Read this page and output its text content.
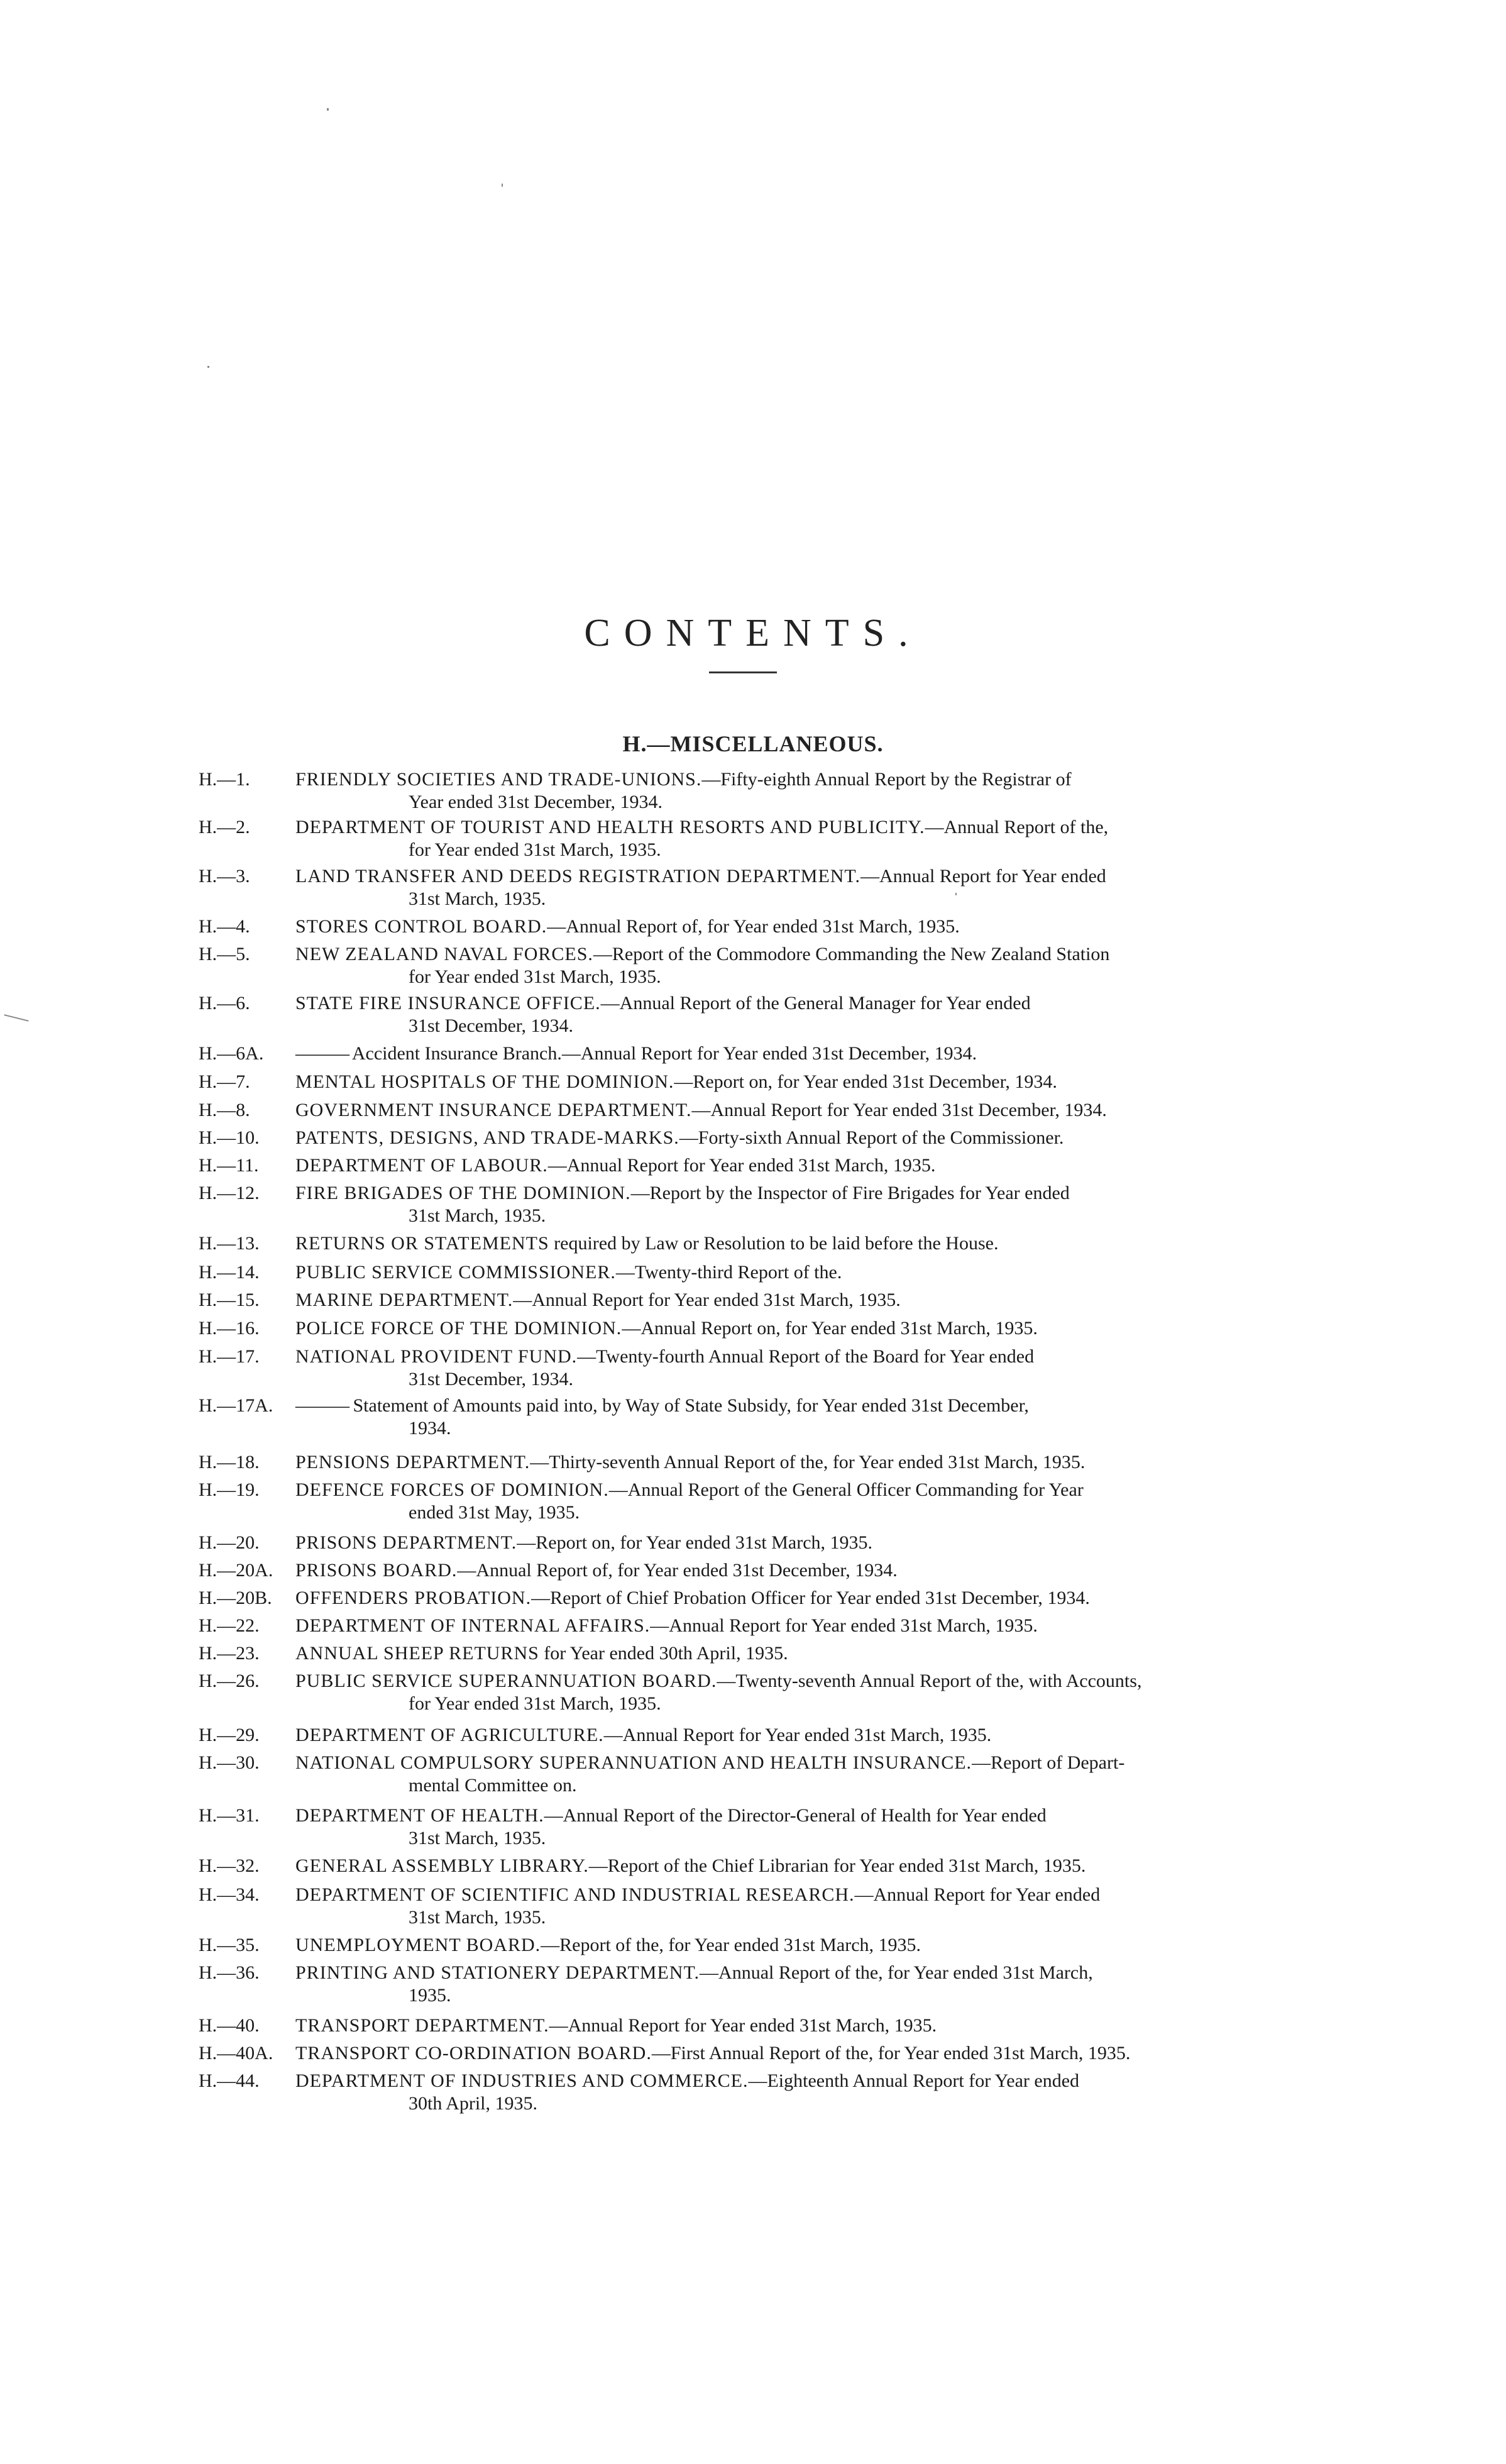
CONTENTS.
H.—MISCELLANEOUS.
H.—1.	FRIENDLY SOCIETIES AND TRADE-UNIONS.—Fifty-eighth Annual Report by the Registrar of
Year ended 31st December, 1934.
H.—2.	DEPARTMENT OF TOURIST AND HEALTH RESORTS AND PUBLICITY.—Annual Report of the,
for Year ended 31st March, 1935.
H.—3.	LAND TRANSFER AND DEEDS REGISTRATION DEPARTMENT.—Annual Report for Year ended
31st March, 1935.
H.—4.	STORES CONTROL BOARD.—Annual Report of, for Year ended 31st March, 1935.
H.—5.	NEW ZEALAND NAVAL FORCES.—Report of the Commodore Commanding the New Zealand Station
for Year ended 31st March, 1935.
H.—6.	STATE FIRE INSURANCE OFFICE.—Annual Report of the General Manager for Year ended
31st December, 1934.
H.—6A.	——— Accident Insurance Branch.—Annual Report for Year ended 31st December, 1934.
H.—7.	MENTAL HOSPITALS OF THE DOMINION.—Report on, for Year ended 31st December, 1934.
H.—8.	GOVERNMENT INSURANCE DEPARTMENT.—Annual Report for Year ended 31st December, 1934.
H.—10.	PATENTS, DESIGNS, AND TRADE-MARKS.—Forty-sixth Annual Report of the Commissioner.
H.—11.	DEPARTMENT OF LABOUR.—Annual Report for Year ended 31st March, 1935.
H.—12.	FIRE BRIGADES OF THE DOMINION.—Report by the Inspector of Fire Brigades for Year ended
31st March, 1935.
H.—13.	RETURNS OR STATEMENTS required by Law or Resolution to be laid before the House.
H.—14.	PUBLIC SERVICE COMMISSIONER.—Twenty-third Report of the.
H.—15.	MARINE DEPARTMENT.—Annual Report for Year ended 31st March, 1935.
H.—16.	POLICE FORCE OF THE DOMINION.—Annual Report on, for Year ended 31st March, 1935.
H.—17.	NATIONAL PROVIDENT FUND.—Twenty-fourth Annual Report of the Board for Year ended
31st December, 1934.
H.—17A. ——— Statement of Amounts paid into, by Way of State Subsidy, for Year ended 31st December,
1934.
H.—18.	PENSIONS DEPARTMENT.—Thirty-seventh Annual Report of the, for Year ended 31st March, 1935.
H.—19.	DEFENCE FORCES OF DOMINION.—Annual Report of the General Officer Commanding for Year
ended 31st May, 1935.
H.—20.	PRISONS DEPARTMENT.—Report on, for Year ended 31st March, 1935.
H.—20A. PRISONS BOARD.—Annual Report of, for Year ended 31st December, 1934.
H.—20B. OFFENDERS PROBATION.—Report of Chief Probation Officer for Year ended 31st December, 1934.
H.—22.	DEPARTMENT OF INTERNAL AFFAIRS.—Annual Report for Year ended 31st March, 1935.
H.—23.	ANNUAL SHEEP RETURNS for Year ended 30th April, 1935.
H.—26.	PUBLIC SERVICE SUPERANNUATION BOARD.—Twenty-seventh Annual Report of the, with Accounts,
for Year ended 31st March, 1935.
H.—29.	DEPARTMENT OF AGRICULTURE.—Annual Report for Year ended 31st March, 1935.
H.—30.	NATIONAL COMPULSORY SUPERANNUATION AND HEALTH INSURANCE.—Report of Depart-
mental Committee on.
H.—31.	DEPARTMENT OF HEALTH.—Annual Report of the Director-General of Health for Year ended
31st March, 1935.
H.—32.	GENERAL ASSEMBLY LIBRARY.—Report of the Chief Librarian for Year ended 31st March, 1935.
H.—34.	DEPARTMENT OF SCIENTIFIC AND INDUSTRIAL RESEARCH.—Annual Report for Year ended
31st March, 1935.
H.—35.	UNEMPLOYMENT BOARD.—Report of the, for Year ended 31st March, 1935.
H.—36.	PRINTING AND STATIONERY DEPARTMENT.—Annual Report of the, for Year ended 31st March,
1935.
H.—40.	TRANSPORT DEPARTMENT.—Annual Report for Year ended 31st March, 1935.
H.—40A. TRANSPORT CO-ORDINATION BOARD.—First Annual Report of the, for Year ended 31st March, 1935.
H.—44.	DEPARTMENT OF INDUSTRIES AND COMMERCE.—Eighteenth Annual Report for Year ended
30th April, 1935.
